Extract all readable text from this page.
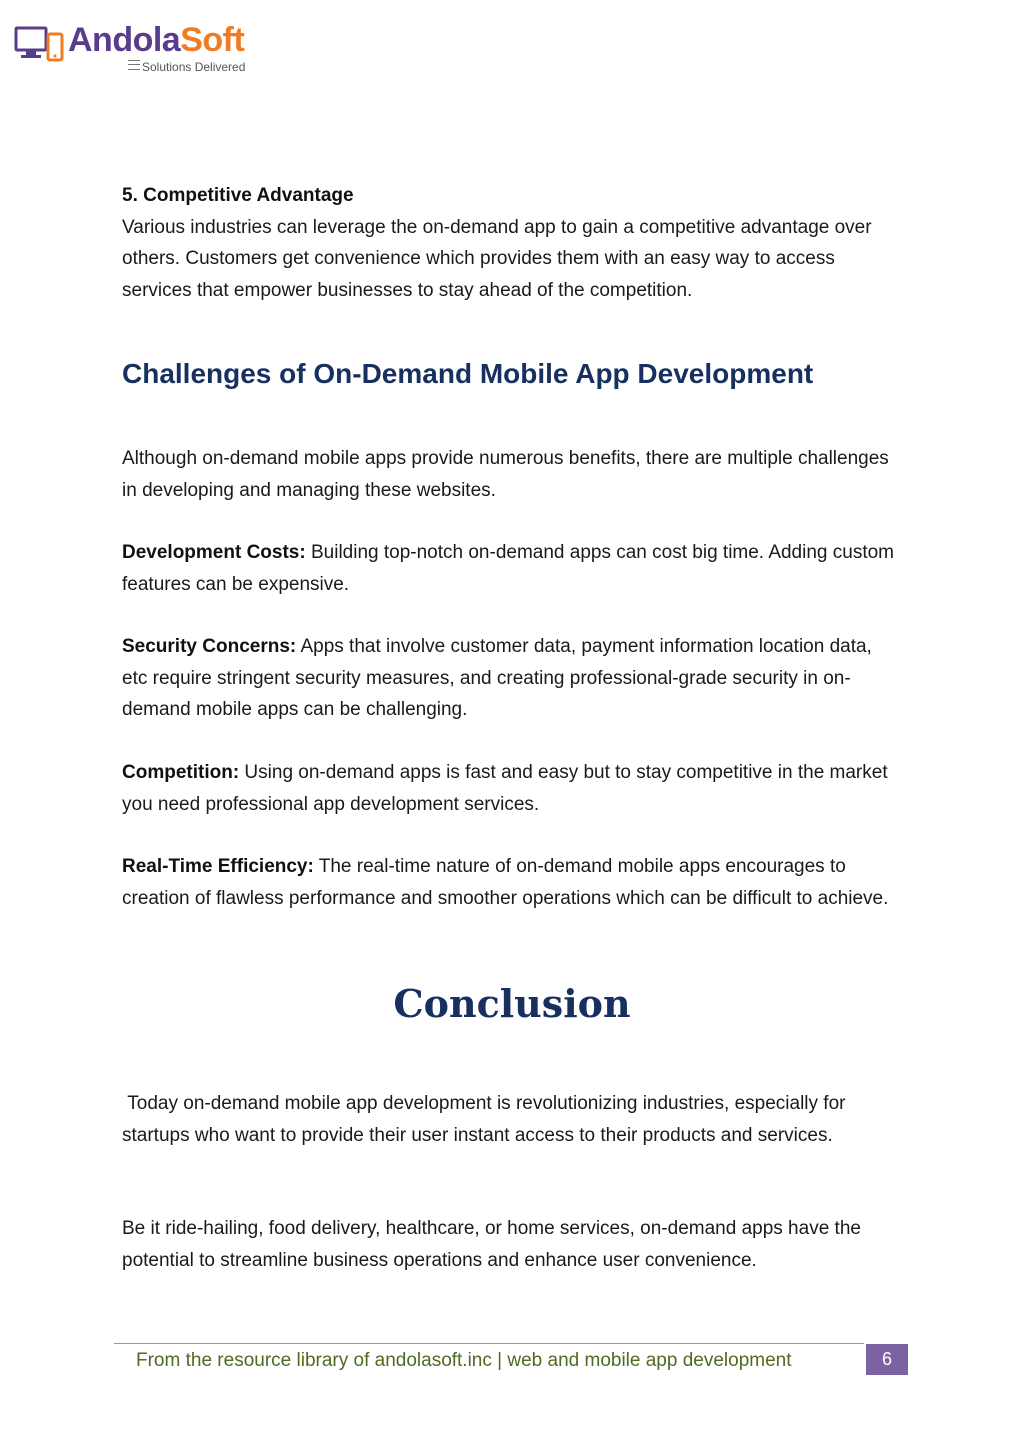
AndolaSoft
Solutions Delivered

5. Competitive Advantage

Various industries can leverage the on-demand app to gain a competitive advantage over others. Customers get convenience which provides them with an easy way to access services that empower businesses to stay ahead of the competition.

Challenges of On-Demand Mobile App Development

Although on-demand mobile apps provide numerous benefits, there are multiple challenges in developing and managing these websites.

Development Costs: Building top-notch on-demand apps can cost big time. Adding custom features can be expensive.

Security Concerns: Apps that involve customer data, payment information location data, etc require stringent security measures, and creating professional-grade security in on-demand mobile apps can be challenging.

Competition: Using on-demand apps is fast and easy but to stay competitive in the market you need professional app development services.

Real-Time Efficiency: The real-time nature of on-demand mobile apps encourages to creation of flawless performance and smoother operations which can be difficult to achieve.

Conclusion

Today on-demand mobile app development is revolutionizing industries, especially for startups who want to provide their user instant access to their products and services.

Be it ride-hailing, food delivery, healthcare, or home services, on-demand apps have the potential to streamline business operations and enhance user convenience.

From the resource library of andolasoft.inc | web and mobile app development	6
